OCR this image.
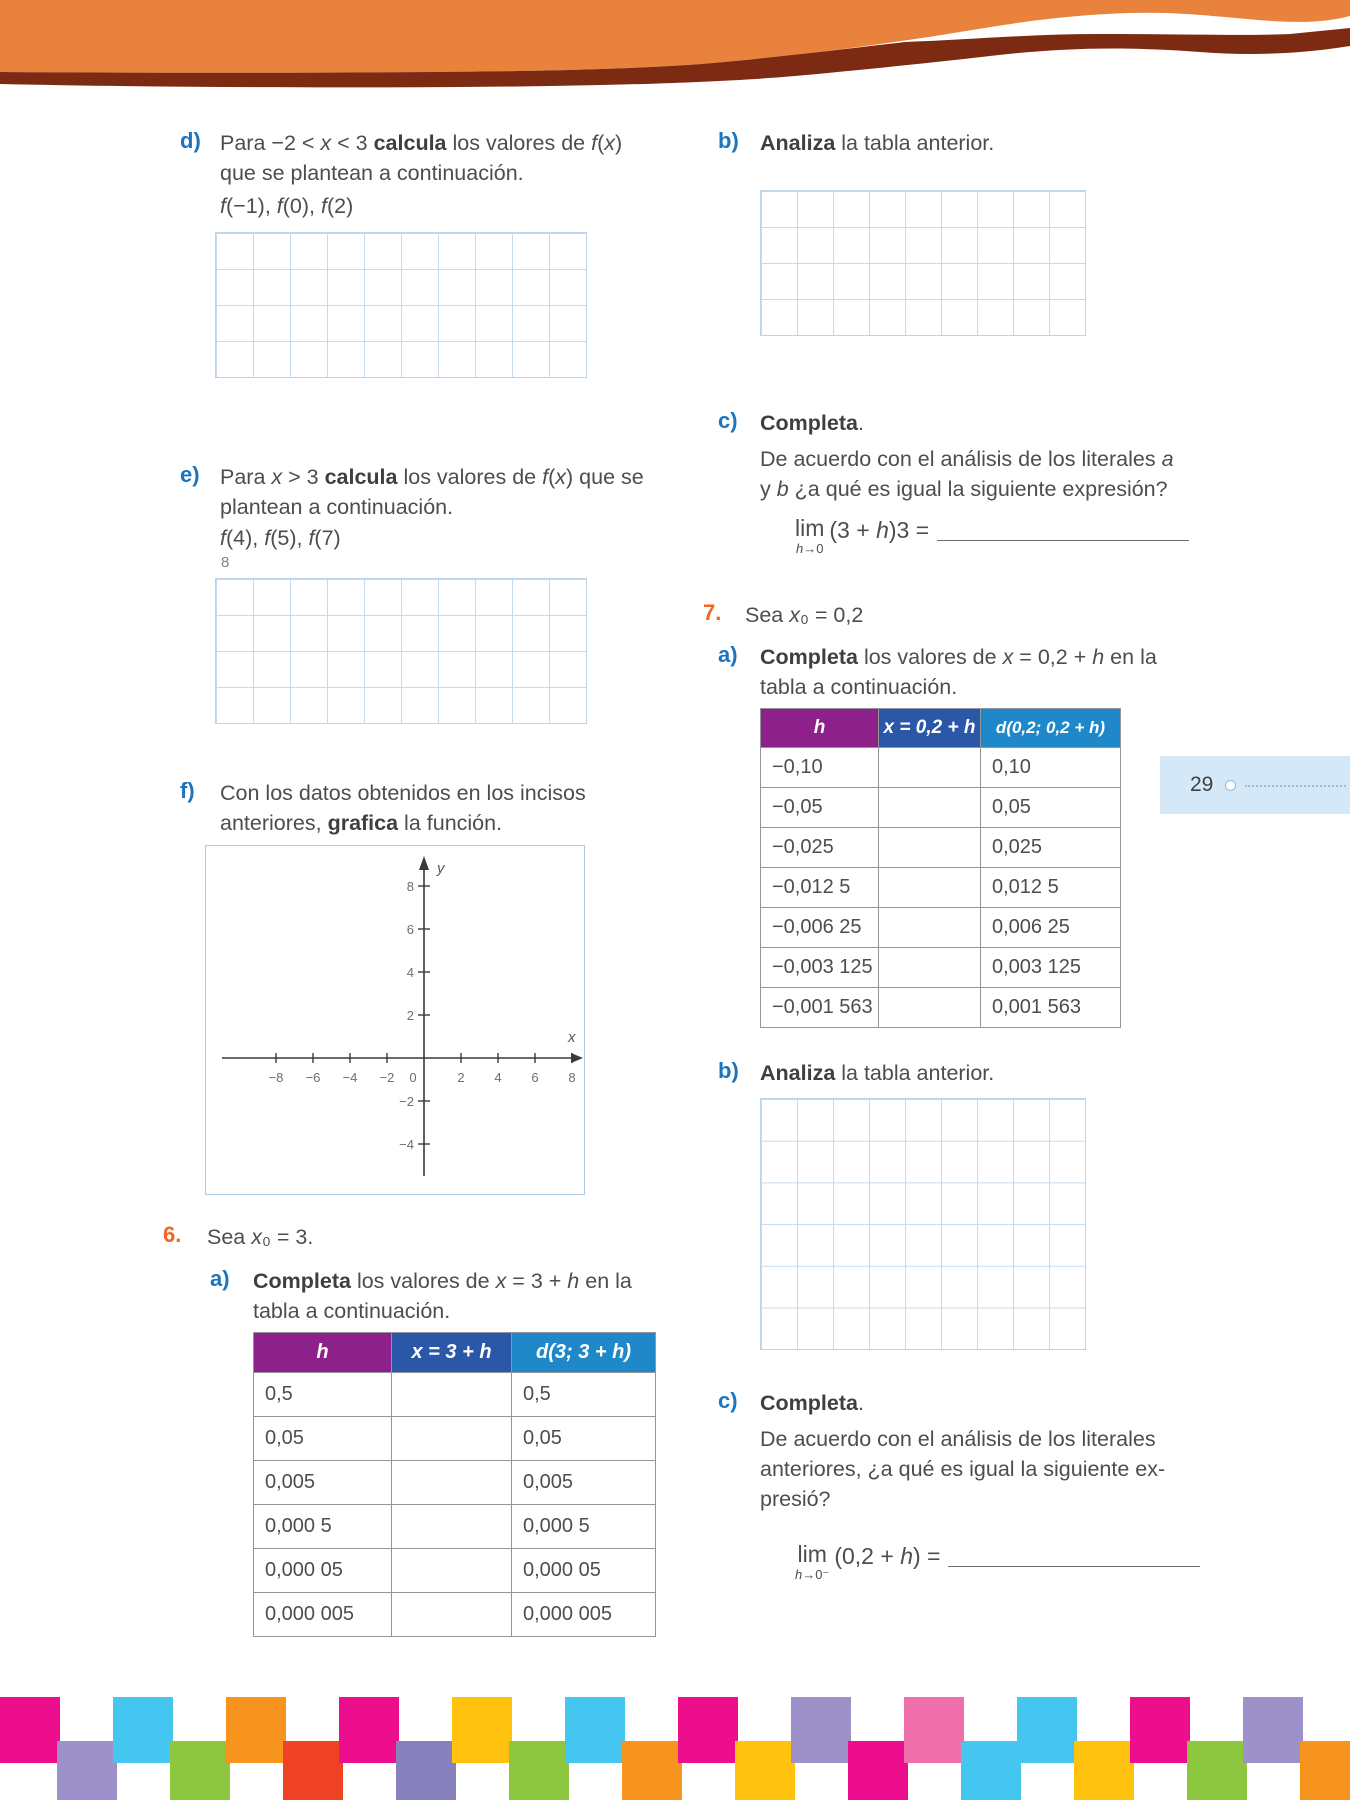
d) Para −2 < x < 3 calcula los valores de f(x)
que se plantean a continuación.
f(−1), f(0), f(2)
e) Para x > 3 calcula los valores de f(x) que se
plantean a continuación.
f(4), f(5), f(7)
8
f) Con los datos obtenidos en los incisos
anteriores, grafica la función.
−8 −6 −4 −2 0	2 4 6 8
8
6
4
2
−2
−4
y
x
6. Sea x₀ = 3.
a) Completa los valores de x = 3 + h en la
tabla a continuación.
h	x = 3 + h	d(3; 3 + h)
0,5		0,5
0,05		0,05
0,005		0,005
0,000 5		0,000 5
0,000 05		0,000 05
0,000 005		0,000 005
b) Analiza la tabla anterior.
c) Completa.
De acuerdo con el análisis de los literales a
y b ¿a qué es igual la siguiente expresión?
lim
h→0
(3 + h)3 =
7. Sea x₀ = 0,2
a) Completa los valores de x = 0,2 + h en la
tabla a continuación.
h	x = 0,2 + h	d(0,2; 0,2 + h)
−0,10		0,10
−0,05		0,05
−0,025		0,025
−0,012 5		0,012 5
−0,006 25		0,006 25
−0,003 125		0,003 125
−0,001 563		0,001 563
b) Analiza la tabla anterior.
c) Completa.
De acuerdo con el análisis de los literales
anteriores, ¿a qué es igual la siguiente ex-
presió?
lim
h→0⁻
(0,2 + h) =
29
